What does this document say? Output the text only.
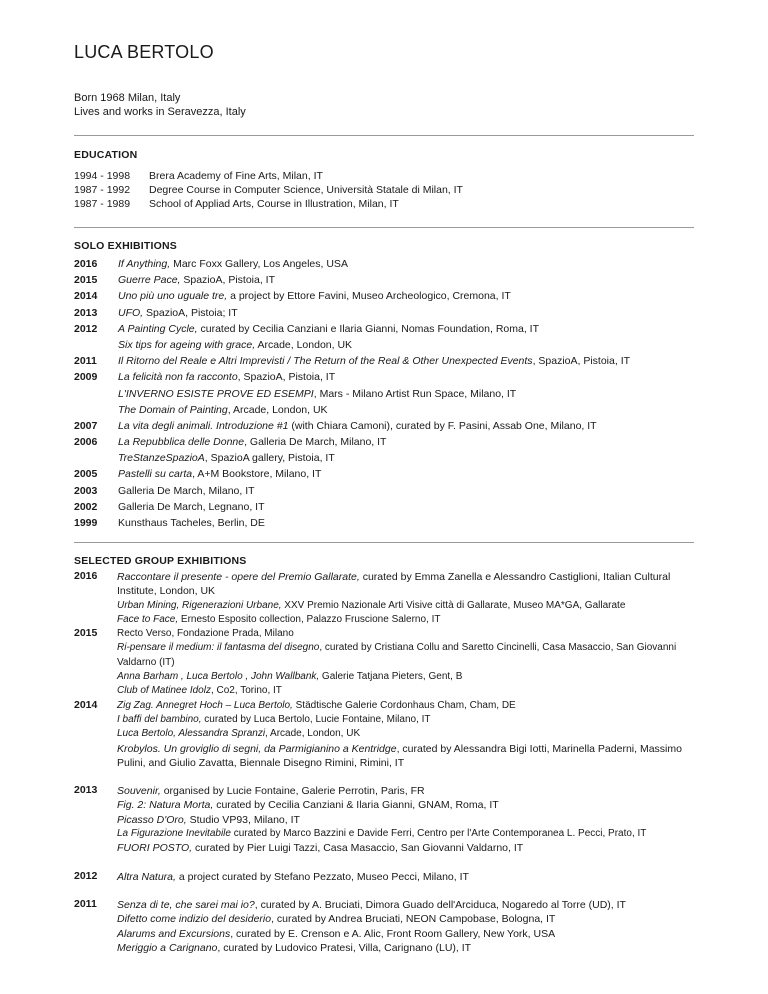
LUCA BERTOLO
Born 1968 Milan, Italy
Lives and works in Seravezza, Italy
EDUCATION
1994 - 1998	Brera Academy of Fine Arts, Milan, IT
1987 - 1992	Degree Course in Computer Science, Università Statale di Milan, IT
1987 - 1989	School of Appliad Arts, Course in Illustration, Milan, IT
SOLO EXHIBITIONS
2016	If Anything, Marc Foxx Gallery, Los Angeles, USA
2015	Guerre Pace, SpazioA, Pistoia, IT
2014	Uno più uno uguale tre, a project by Ettore Favini, Museo Archeologico, Cremona, IT
2013	UFO, SpazioA, Pistoia; IT
2012	A Painting Cycle, curated by Cecilia Canziani e Ilaria Gianni, Nomas Foundation, Roma, IT
Six tips for ageing with grace, Arcade, London, UK
2011	Il Ritorno del Reale e Altri Imprevisti / The Return of the Real & Other Unexpected Events, SpazioA, Pistoia, IT
2009	La felicità non fa racconto, SpazioA, Pistoia, IT
L'INVERNO ESISTE PROVE ED ESEMPI, Mars - Milano Artist Run Space, Milano, IT
The Domain of Painting, Arcade, London, UK
2007	La vita degli animali. Introduzione #1 (with Chiara Camoni), curated by F. Pasini, Assab One, Milano, IT
2006	La Repubblica delle Donne, Galleria De March, Milano, IT
TreStanzeSpazioA, SpazioA gallery, Pistoia, IT
2005	Pastelli su carta, A+M Bookstore, Milano, IT
2003	Galleria De March, Milano, IT
2002	Galleria De March, Legnano, IT
1999	Kunsthaus Tacheles, Berlin, DE
SELECTED GROUP EXHIBITIONS
2016	Raccontare il presente - opere del Premio Gallarate, curated by Emma Zanella e Alessandro Castiglioni, Italian Cultural Institute, London, UK
Urban Mining, Rigenerazioni Urbane, XXV Premio Nazionale Arti Visive città di Gallarate, Museo MA*GA, Gallarate
Face to Face, Ernesto Esposito collection, Palazzo Fruscione Salerno, IT
2015	Recto Verso, Fondazione Prada, Milano
Ri-pensare il medium: il fantasma del disegno, curated by Cristiana Collu and Saretto Cincinelli, Casa Masaccio, San Giovanni Valdarno (IT)
Anna Barham , Luca Bertolo , John Wallbank, Galerie Tatjana Pieters, Gent, B
Club of Matinee Idolz, Co2, Torino, IT
2014	Zig Zag. Annegret Hoch – Luca Bertolo, Städtische Galerie Cordonhaus Cham, Cham, DE
I baffi del bambino, curated by Luca Bertolo, Lucie Fontaine, Milano, IT
Luca Bertolo, Alessandra Spranzi, Arcade, London, UK
Krobylos. Un groviglio di segni, da Parmigianino a Kentridge, curated by Alessandra Bigi Iotti, Marinella Paderni, Massimo Pulini, and Giulio Zavatta, Biennale Disegno Rimini, Rimini, IT
2013	Souvenir, organised by Lucie Fontaine, Galerie Perrotin, Paris, FR
Fig. 2: Natura Morta, curated by Cecilia Canziani & Ilaria Gianni, GNAM, Roma, IT
Picasso D'Oro, Studio VP93, Milano, IT
La Figurazione Inevitabile curated by Marco Bazzini e Davide Ferri, Centro per l'Arte Contemporanea L. Pecci, Prato, IT
FUORI POSTO, curated by Pier Luigi Tazzi, Casa Masaccio, San Giovanni Valdarno, IT
2012	Altra Natura, a project curated by Stefano Pezzato, Museo Pecci, Milano, IT
2011	Senza di te, che sarei mai io?, curated by A. Bruciati, Dimora Guado dell'Arciduca, Nogaredo al Torre (UD), IT
Difetto come indizio del desiderio, curated by Andrea Bruciati, NEON Campobase, Bologna, IT
Alarums and Excursions, curated by E. Crenson e A. Alic, Front Room Gallery, New York, USA
Meriggio a Carignano, curated by Ludovico Pratesi, Villa, Carignano (LU), IT
